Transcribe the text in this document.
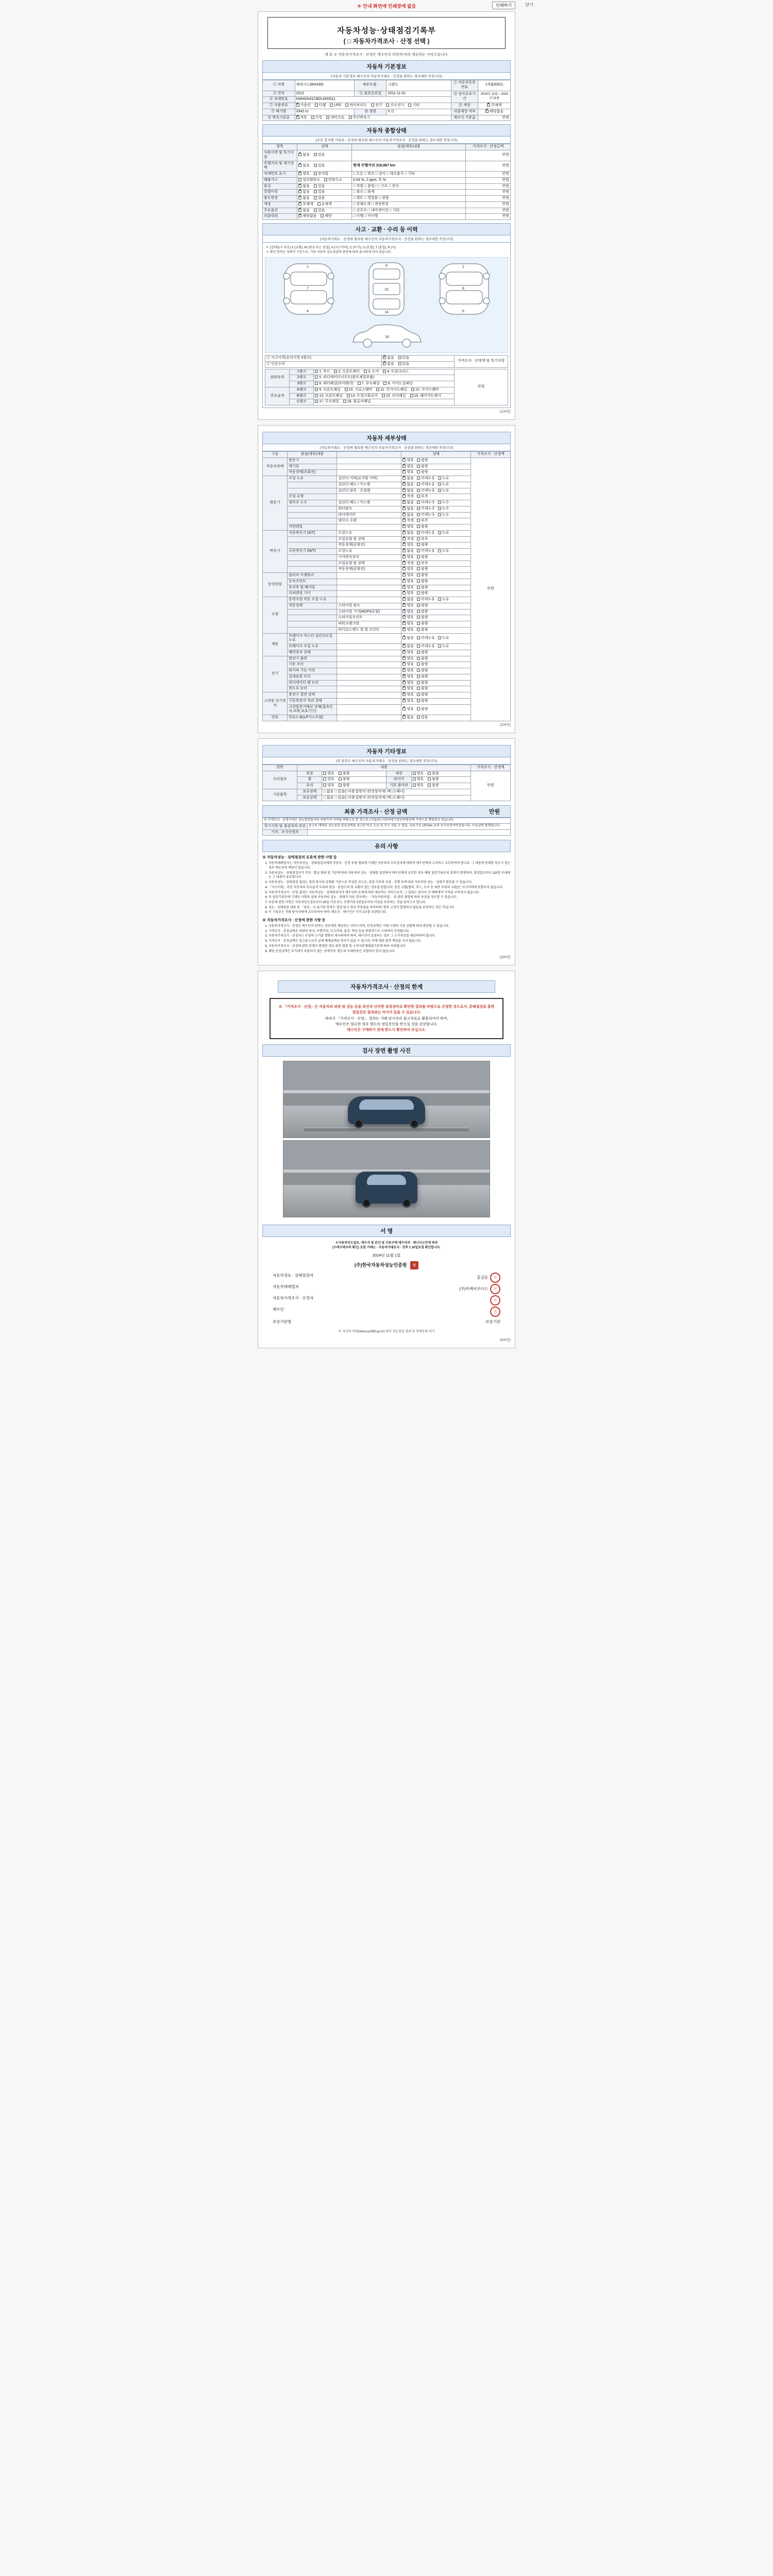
＊ 안내 화면에 인쇄장애 없음	인쇄하기	닫기
자동차성능·상태점검기록부
( □ 자동차가격조사 · 산정 선택 )
제 호 ※ 자동차가격조사 · 산정은 매수인의 희망에 따라 제공하는 서비스입니다.
자동차 기본정보
(자동차 기본정보 매수인의 자동차거래소 · 산정을 완하는 경우에만 작성니다)
① 차명	제네시스(BH330)	세부모델 ·	그랜드	② 자동차등록번호	(개월5051)
③ 연식	2012	④ 최초등록일	2011-11-01	⑫ 검사유효기간	2024년 11월 ~ 2026년 11월
⑥ 차대번호	KMHGH41CBDU000011				
⑦ 사용연료	✔가솔린 디젤 LPG 하이브리드 전기 수소전기 기타			⑪ 색상	✔무채색
⑨ 배기량	3342 cc	⑩ 정원	5 인	리콜대상 여부	✔해당없음
⑧ 변속기종류	✔자동 수동 세미오토 무단변속기			제조사 기준값	만원
자동차 종합상태
(주요 장치별 기록표 · 산정에 필요한 매수인의 자동차가격조사 · 산정을 완하는 경우에만 작성니다)
항목	상태	점검(세부)내용	가격조사 · 산정금액
사용이력 및 특기사항	✔없음 있음		만원
주행거리 및 계기상태	✔없음 있음	현재 주행거리 318,867 km	만원
차대번호 표기	✔양호 부적합	□ 오손 □ 변조 □ 상이 □ 대조불가 □ 기타	만원
배출가스	일산화탄소 탄화수소	0.04 %, 2 ppm, 후 %	만원
튜닝	✔없음 있음	□ 적법 □ 불법 / □ 구조 □ 장치	만원
특별이력	✔없음 있음	□ 침수 □ 화재	만원
용도변경	✔없음 있음	□ 렌트 □ 영업용 □ 관용	만원
색상	✔무채색 유채색	□ 전체도색 □ 색상변경	만원
주요옵션	✔없음 있음	□ 선루프 □ 내비게이션 □ 기타	만원
리콜대상	✔해당없음 해당	□ 이행 □ 미이행	만원
사고 · 교환 · 수리 등 이력
(자동차거래소 · 산정에 필요한 매수인의 자동차가격조사 · 산정을 완하는 경우에만 작성니다)
＊ (상태표시 부호) X (교환), W (판금 또는 용접), A (사고이력), C (부식), U (요철), T (흠집), R (녹)
＊ 화인 항목은 상태가 기준으로, 기타 자동차 성능점검의 판단에 따라 표시하게 되어 있습니다.
1
4
7	10
9
14
2
6
8
18
① 사고이력(유의사항 4참조)	✔없음 있음	가격조사 · 산정액 및 특기사항
② 단순수리	✔없음 있음
외판부위	1랭크	1. 후드 2. 프론트펜더 3. 도어 4. 트렁크리드	만원
	2랭크	5. 라디에이터서포트(볼트체결부품)	
	3랭크	6. 쿼터패널(리어펜더) 7. 루프패널 8. 사이드실패널	
주요골격	A랭크	9. 프론트패널 10. 크로스멤버 11. 인사이드패널 12. 사이드멤버	
	B랭크	13. 프론트패널 14. 트렁크플로어 15. 리어패널 16. 패키지트레이	
	C랭크	17. 루프레일 18. 플로어패널	
(1/4면)
자동차 세부상태
(자동차거래소 · 산정에 필요한 매수인의 자동차가격조사 · 산정을 완하는 경우에만 작성니다)
구분	점검(세부)내용		상태	가격조사 · 산정액
자동차상태	원동기		✔양호 불량	만원
	계기류		✔양호 불량
	작동상태(공회전)		✔양호 불량
원동기	오일 누유	실린더 커버(로커암 커버)	✔없음 미세누유 누유
		실린더 헤드 / 가스켓	✔없음 미세누유 누유
		실린더 블록 · 오일팬	✔없음 미세누유 누유
	오일 유량		✔적정 부족
	냉각수 누수	실린더 헤드 / 가스켓	✔없음 미세누수 누수
		워터펌프	✔없음 미세누수 누수
		라디에이터	✔없음 미세누수 누수
		냉각수 수량	✔적정 부족
	커먼레일		✔양호 불량
변속기	자동변속기 (A/T)	오일누유	✔없음 미세누유 누유
		오일유량 및 상태	✔적정 부족
		작동상태(공회전)	✔양호 불량
	수동변속기 (M/T)	오일누유	✔없음 미세누유 누유
		기어변속장치	✔양호 불량
		오일유량 및 상태	✔적정 부족
		작동상태(공회전)	✔양호 불량
동력전달	클러치 어셈블리		✔양호 불량
	등속조인트		✔양호 불량
	추진축 및 베어링		✔양호 불량
	디퍼렌셜 기어		✔양호 불량
조향	동력조향 작동 오일 누유		✔없음 미세누유 누유
	작동상태	스티어링 펌프	✔양호 불량
		스티어링 기어(MDPS포함)	✔양호 불량
		스티어링조인트	✔양호 불량
		파워크랭크암	✔양호 불량
		타이로드엔드 및 볼 조인트	✔양호 불량
제동	브레이크 마스터 실린더오일 누유		✔없음 미세누유 누유
	브레이크 오일 누유		✔없음 미세누유 누유
	배력장치 상태		✔양호 불량
전기	발전기 출력		✔양호 불량
	시동 모터		✔양호 불량
	와이퍼 기능 이상		✔양호 불량
	실내송풍 모터		✔양호 불량
	라디에이터 팬 모터		✔양호 불량
	윈도우 모터		✔양호 불량
고전원 전기장치	충전구 절연 상태		✔양호 불량
	구동축전지 격리 상태		✔양호 불량
	고전원전기배선 상태(접속단자,피복,보호기구)		✔양호 불량
연료	연료누출(LP가스포함)		✔없음 있음
(2/4면)
자동차 기타정보
(외 항목은 매수인의 자동차거래소 · 산정을 완하는 경우에만 작성니다)
항목	내용				가격조사 · 산정액
수리필요	외장	양호 불량	내장	양호 불량	만원
	휠	양호 불량	타이어	양호 불량	
	유리	양호 불량	기본 룸미러	양호 불량	
기본품목	보유상태	□ 없음 □ 있음(□사용설명서□안전삼각대□잭□스패너)			
	보유상태	□ 없음 □ 있음(□사용설명서□안전삼각대□잭□스패너)			
최종 가격조사 · 산정 금액	만원
※ 가격조사 · 산정가격은 성능점검업자의 차량가격 가격을 바탕으로 한 것으로 □가솔린□기관차량기준인차량금액 가격으로 책정하고 있습니다.	
특기사항 및 점검자의 의견	중고차 매매상 성능점검 일준금액을 참고만 하신 도로 및 부수 것을 수 있음, 자료기조 19만km 초과 자가보증여비상업니다. 이상금액 발행합니다.
가격 · 조사산정자	
유의 사항
※ 자동차성능 · 상태점검의 유효에 관한 사항 등
1. 자동차매매업자는 자동차성능 · 상태점검자에게 자동차 · 산정 부품 범위에 기재된 자동차의 주요장치에 대하여 매수인에게 고지하고 교부하여야 합니다. 그 내용에 중대한 착오가 있는 경우 매도인의 책임이 있습니다.
2. 자동차성능 · 상태점검자가 작성 · 발급 범위 및 기준에 따라 자동차의 성능 · 상태를 점검하여 매수인에게 교부한 경우 해당 점검기록부의 효력이 발생하며, 점검일로부터 120일 이내에는 그 내용이 유효합니다.
3. 자동차성능 · 상태점검 결과는 점검 당시의 상태를 기준으로 작성된 것으로, 점검 이후의 사용 · 주행 등에 따라 자동차의 성능 · 상태가 변동될 수 있습니다.
4. 「사고이력」이란 자동차의 주요골격 부위의 판금 · 용접수리 및 교환이 있는 경우를 말합니다. 단순 교환(범퍼, 후드, 도어 등 외판 부위의 교환)은 사고이력에 포함되지 않습니다.
5. 자동차가격조사 · 산정 결과는 자동차성능 · 상태점검자가 매수인의 요청에 따라 제공하는 서비스로서, 그 결과는 당사자 간 매매계약 가격을 구속하지 않습니다.
6. 이 점검기록부에 기재된 사항과 실제 자동차의 성능 · 상태가 다른 경우에는 「자동차관리법」 및 관련 법령에 따라 보상을 청구할 수 있습니다.
7. 보증에 관한 사항은 자동차인도일로부터 30일 이상 또는 주행거리 2천킬로미터 이상을 보증하는 것을 원칙으로 합니다.
8. 성능 · 상태점검 내용 중 「양호」로 표기된 항목은 점검 당시 정상 작동됨을 의미하며, 향후 고장이 발생하지 않음을 보증하는 것은 아닙니다.
9. 이 기록부는 거래 당사자에게 교부되어야 하며, 매도인 · 매수인은 각각 1부를 보관합니다.
※ 자동차가격조사 · 산정에 관한 사항 등
1. 자동차가격조사 · 산정은 매수인이 원하는 경우에만 제공되는 서비스이며, 산정금액은 거래 시점의 시장 상황에 따라 변동될 수 있습니다.
2. 가격조사 · 산정금액은 차량의 연식, 주행거리, 사고이력, 옵션, 색상 등을 종합적으로 고려하여 산정됩니다.
3. 자동차가격조사 · 산정자는 산정의 근거를 명확히 제시하여야 하며, 매수인이 요청하는 경우 그 근거자료를 제공하여야 합니다.
4. 가격조사 · 산정금액은 참고용으로서 실제 매매금액과 차이가 있을 수 있으며, 이에 대한 법적 책임을 지지 않습니다.
5. 자동차가격조사 · 산정에 관한 분쟁이 발생한 경우 관련 법령 및 소비자분쟁해결기준에 따라 처리됩니다.
6. 해당 산정금액은 부가세가 포함되지 않은 금액이며, 별도의 부대비용은 포함되어 있지 않습니다.
(3/4면)
자동차가격조사 · 산정의 한계
※ 「가격조사 · 산정」은 자동차의 외관 및 성능 등을 육안과 간단한 점검장비로 확인한 결과를 바탕으로 산정한 것으로서, 분해점검을 통한 정밀진단 결과와는 차이가 있을 수 있습니다.
따라서 「가격조사 · 산정」 결과는 거래 당사자의 참고자료로 활용되어야 하며,
매수인은 필요한 경우 별도의 정밀진단을 받으실 것을 권장합니다.
매수인은 구매하기 전에 반드시 확인하여 주십시오.
검사 장면 촬영 사진
서 명
＊자동차인도일로, 매수자 및 본인 및 서류구매 매수자의 · 매니다고인에 따라
(구매구매자의 확인) 요한 거래는 · 자동차거래조사 · 전후 1 30일요청 확인합니다.
2024년 11월 1일
(주)한국자동차성능인증원 인
자동차성능 · 상태점검자	홍길동 인
자동차매매업자	(주)카케어모터스 인
자동차가격조사 · 산정자
인
매수인
인
보증기관명	보증기관
※ 자신의 차량(www.car365.go.kr) 에서 성능점검 결과 및 전체등록 바기
(4/4면)
